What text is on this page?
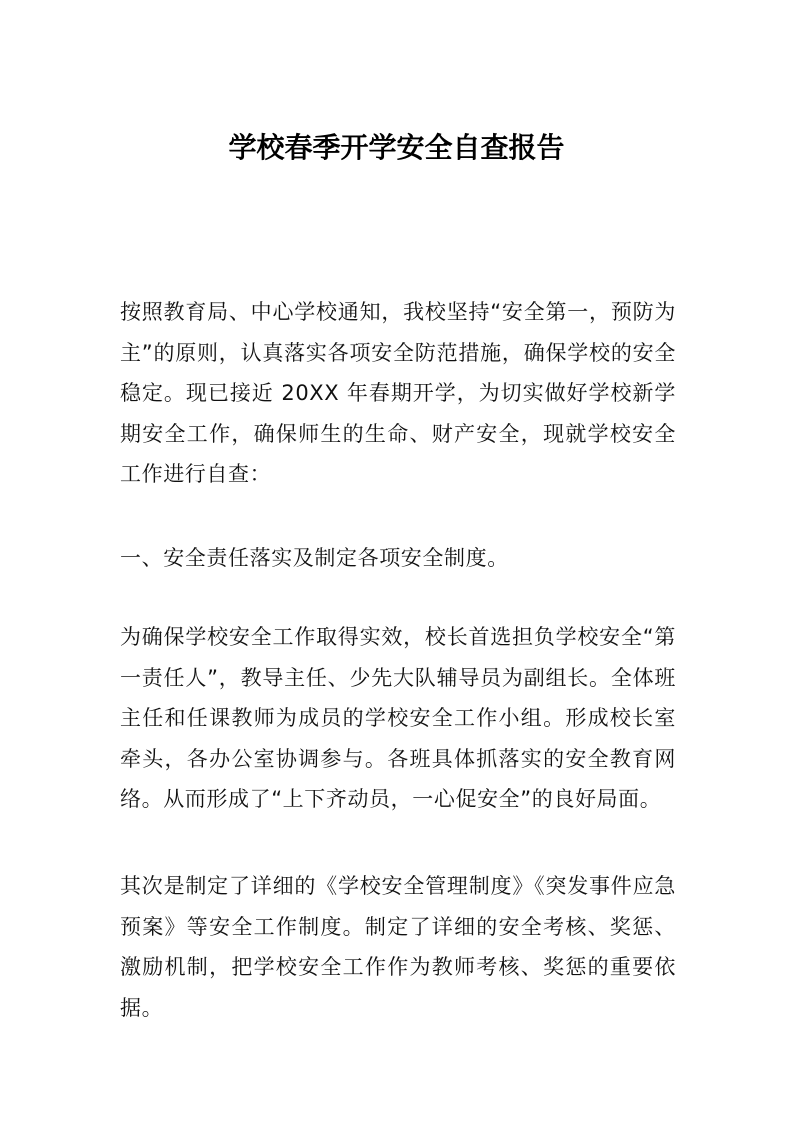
学校春季开学安全自查报告

按照教育局、中心学校通知，我校坚持“安全第一，预防为主”的原则，认真落实各项安全防范措施，确保学校的安全稳定。现已接近 20XX 年春期开学，为切实做好学校新学期安全工作，确保师生的生命、财产安全，现就学校安全工作进行自查：

一、安全责任落实及制定各项安全制度。

为确保学校安全工作取得实效，校长首选担负学校安全“第一责任人”，教导主任、少先大队辅导员为副组长。全体班主任和任课教师为成员的学校安全工作小组。形成校长室牵头，各办公室协调参与。各班具体抓落实的安全教育网络。从而形成了“上下齐动员，一心促安全”的良好局面。

其次是制定了详细的《学校安全管理制度》《突发事件应急预案》等安全工作制度。制定了详细的安全考核、奖惩、激励机制，把学校安全工作作为教师考核、奖惩的重要依据。
